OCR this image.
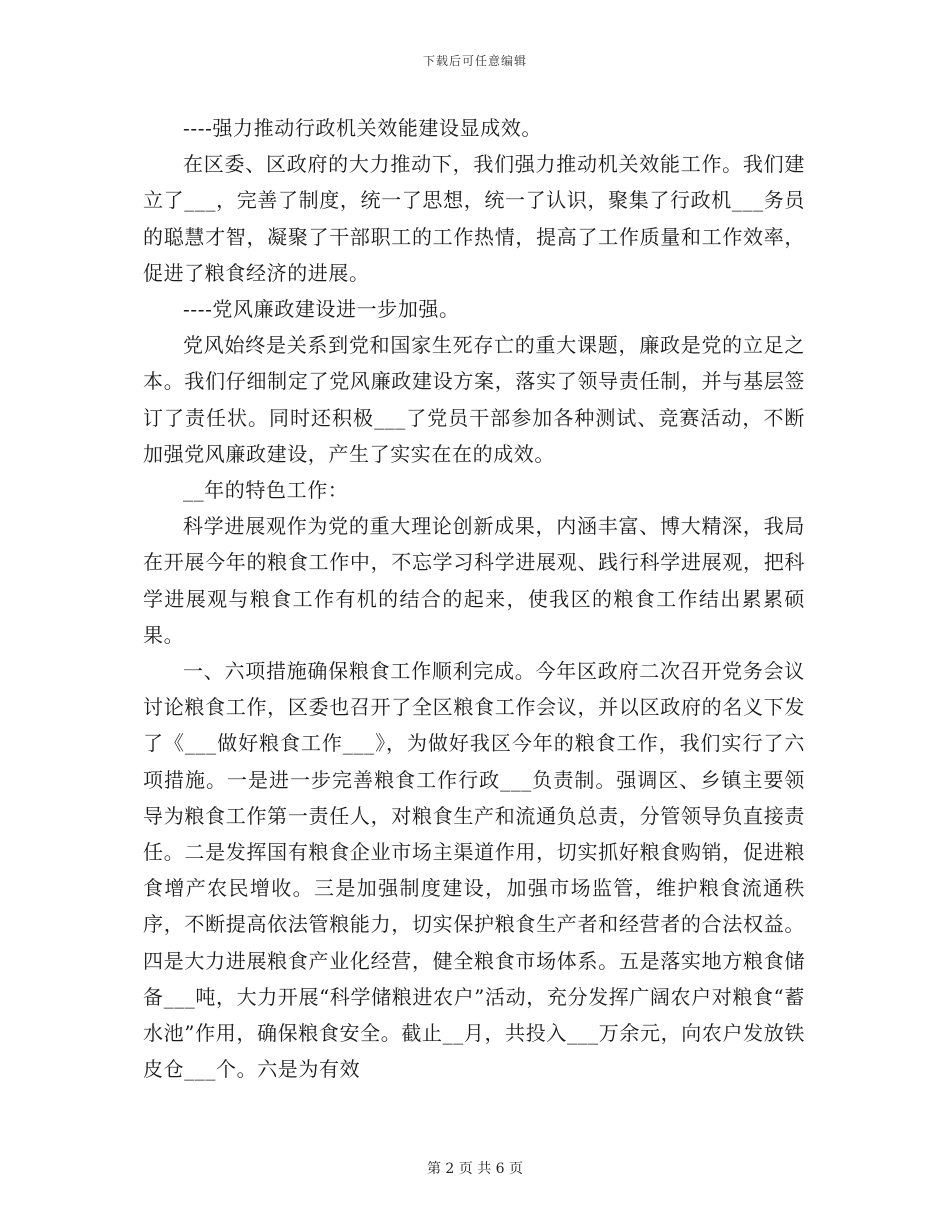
下载后可任意编辑

----强力推动行政机关效能建设显成效。

在区委、区政府的大力推动下，我们强力推动机关效能工作。我们建立了___，完善了制度，统一了思想，统一了认识，聚集了行政机___务员的聪慧才智，凝聚了干部职工的工作热情，提高了工作质量和工作效率，促进了粮食经济的进展。

----党风廉政建设进一步加强。

党风始终是关系到党和国家生死存亡的重大课题，廉政是党的立足之本。我们仔细制定了党风廉政建设方案，落实了领导责任制，并与基层签订了责任状。同时还积极___了党员干部参加各种测试、竞赛活动，不断加强党风廉政建设，产生了实实在在的成效。

__年的特色工作：

科学进展观作为党的重大理论创新成果，内涵丰富、博大精深，我局在开展今年的粮食工作中，不忘学习科学进展观、践行科学进展观，把科学进展观与粮食工作有机的结合的起来，使我区的粮食工作结出累累硕果。

一、六项措施确保粮食工作顺利完成。今年区政府二次召开党务会议讨论粮食工作，区委也召开了全区粮食工作会议，并以区政府的名义下发了《___做好粮食工作___》，为做好我区今年的粮食工作，我们实行了六项措施。一是进一步完善粮食工作行政___负责制。强调区、乡镇主要领导为粮食工作第一责任人，对粮食生产和流通负总责，分管领导负直接责任。二是发挥国有粮食企业市场主渠道作用，切实抓好粮食购销，促进粮食增产农民增收。三是加强制度建设，加强市场监管，维护粮食流通秩序，不断提高依法管粮能力，切实保护粮食生产者和经营者的合法权益。四是大力进展粮食产业化经营，健全粮食市场体系。五是落实地方粮食储备___吨，大力开展“科学储粮进农户”活动，充分发挥广阔农户对粮食“蓄水池”作用，确保粮食安全。截止__月，共投入___万余元，向农户发放铁皮仓___个。六是为有效

第 2 页 共 6 页
